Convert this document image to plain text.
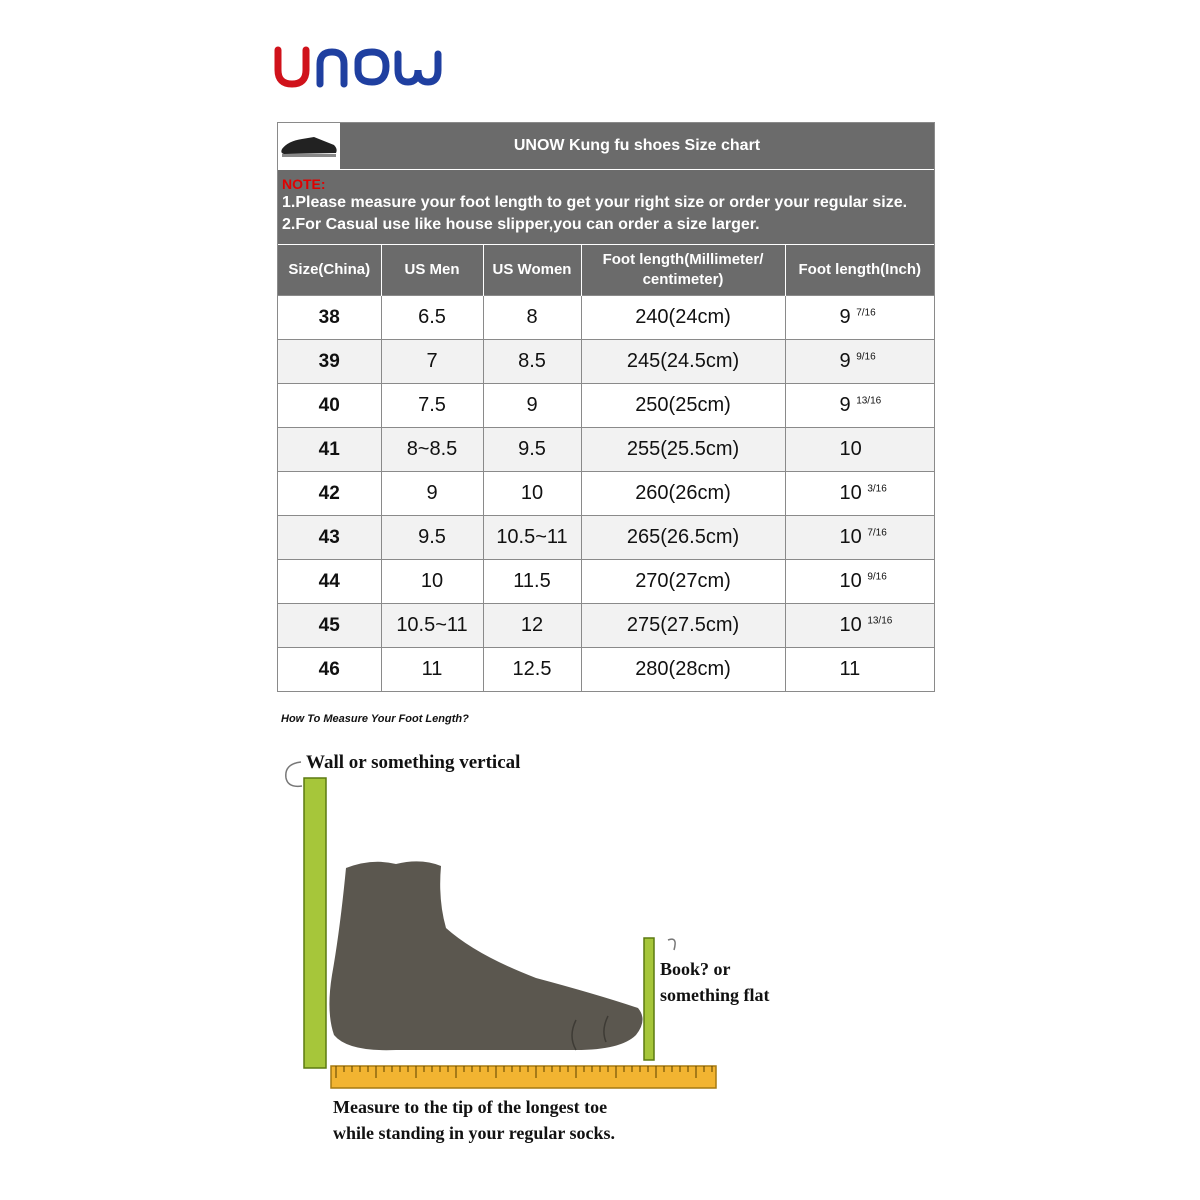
UNOW Kung fu shoes Size chart
NOTE:
1.Please measure your foot length to get your right size or order your regular size.
2.For Casual use like house slipper,you can order a size larger.
Size(China)	US Men	US Women	Foot length(Millimeter/ centimeter)	Foot length(Inch)
38	6.5	8	240(24cm)	9 $^{7/16}$
39	7	8.5	245(24.5cm)	9 $^{9/16}$
40	7.5	9	250(25cm)	9 $^{13/16}$
41	8~8.5	9.5	255(25.5cm)	10
42	9	10	260(26cm)	10 $^{3/16}$
43	9.5	10.5~11	265(26.5cm)	10 $^{7/16}$
44	10	11.5	270(27cm)	10 $^{9/16}$
45	10.5~11	12	275(27.5cm)	10 $^{13/16}$
46	11	12.5	280(28cm)	11
How To Measure Your Foot Length?
Wall or something vertical
Book? or
something flat
Measure to the tip of the longest toe
while standing in your regular socks.
